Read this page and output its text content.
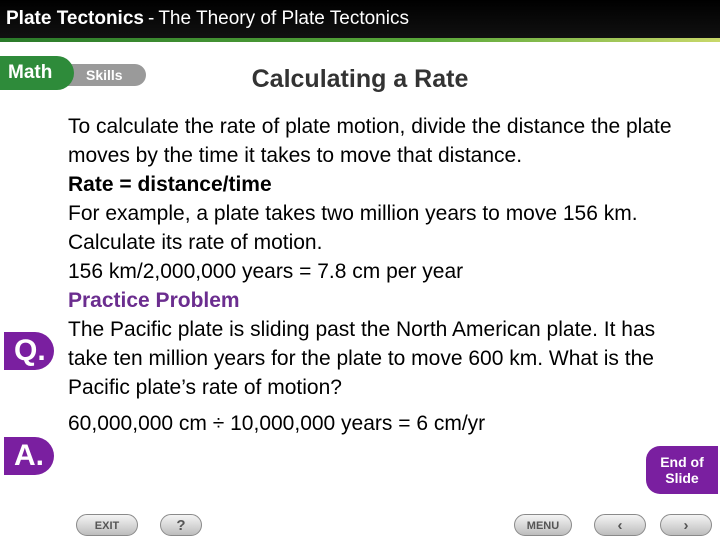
Plate Tectonics - The Theory of Plate Tectonics
Skills
Math	Calculating a Rate

To calculate the rate of plate motion, divide the distance the plate moves by the time it takes to move that distance.

Rate = distance/time

For example, a plate takes two million years to move 156 km. Calculate its rate of motion.

156 km/2,000,000 years = 7.8 cm per year

Practice Problem

The Pacific plate is sliding past the North American plate. It has take ten million years for the plate to move 600 km. What is the Pacific plate’s rate of motion?

60,000,000 cm ÷ 10,000,000 years = 6 cm/yr

Q.
A.	End of
Slide
EXIT	?	MENU	‹	›
